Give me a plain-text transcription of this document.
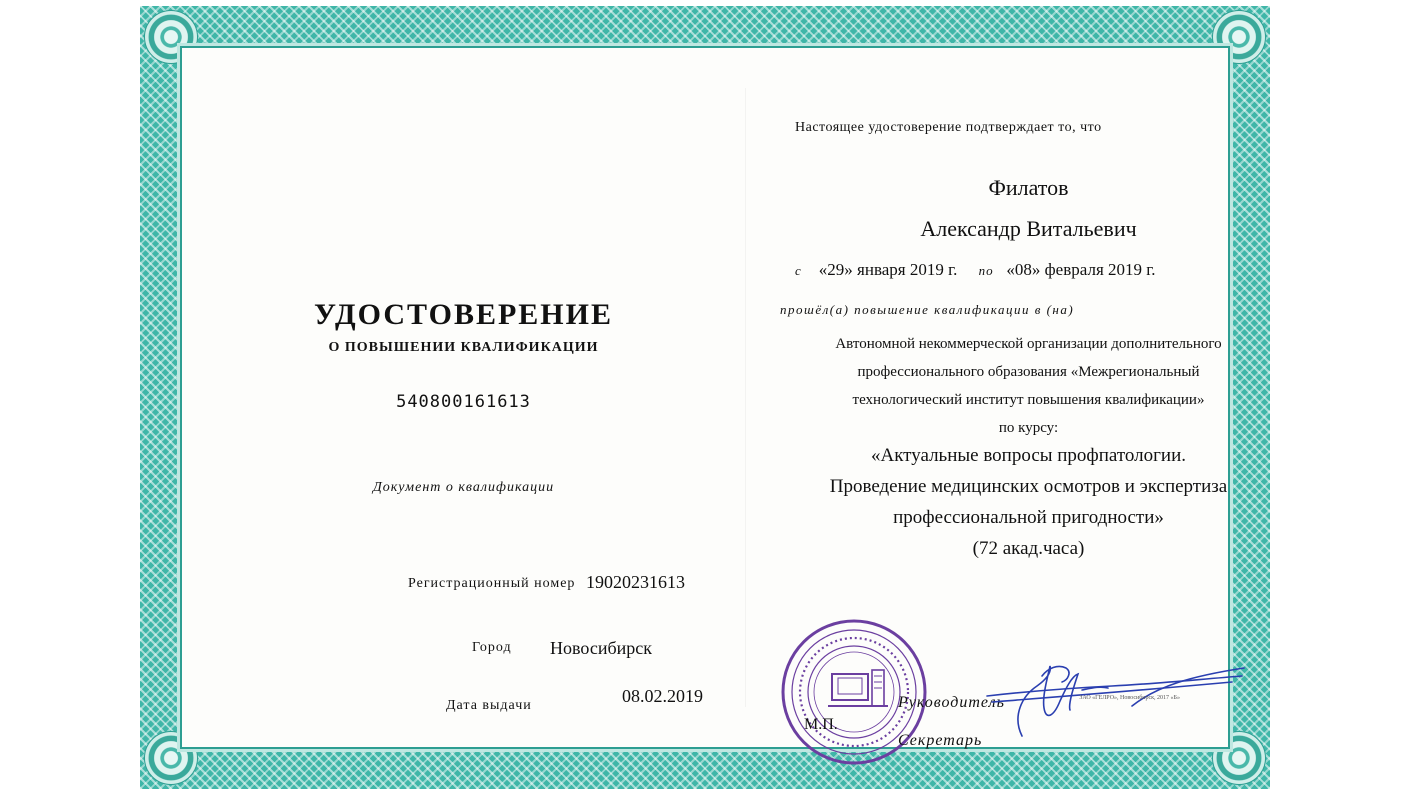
УДОСТОВЕРЕНИЕ
О ПОВЫШЕНИИ КВАЛИФИКАЦИИ
540800161613
Документ о квалификации
Регистрационный номер 19020231613
Город Новосибирск
Дата выдачи	08.02.2019
Настоящее удостоверение подтверждает то, что
Филатов
Александр Витальевич
с «29» января 2019 г. по «08» февраля 2019 г.
прошёл(а) повышение квалификации в (на)
Автономной некоммерческой организации дополнительного
профессионального образования «Межрегиональный
технологический институт повышения квалификации»
по курсу:
«Актуальные вопросы профпатологии.
Проведение медицинских осмотров и экспертиза
профессиональной пригодности»
(72 акад.часа)
М.П.
Руководитель
Секретарь
ЗАО «ГЕЛРО», Новосибирск, 2017 «Б»
